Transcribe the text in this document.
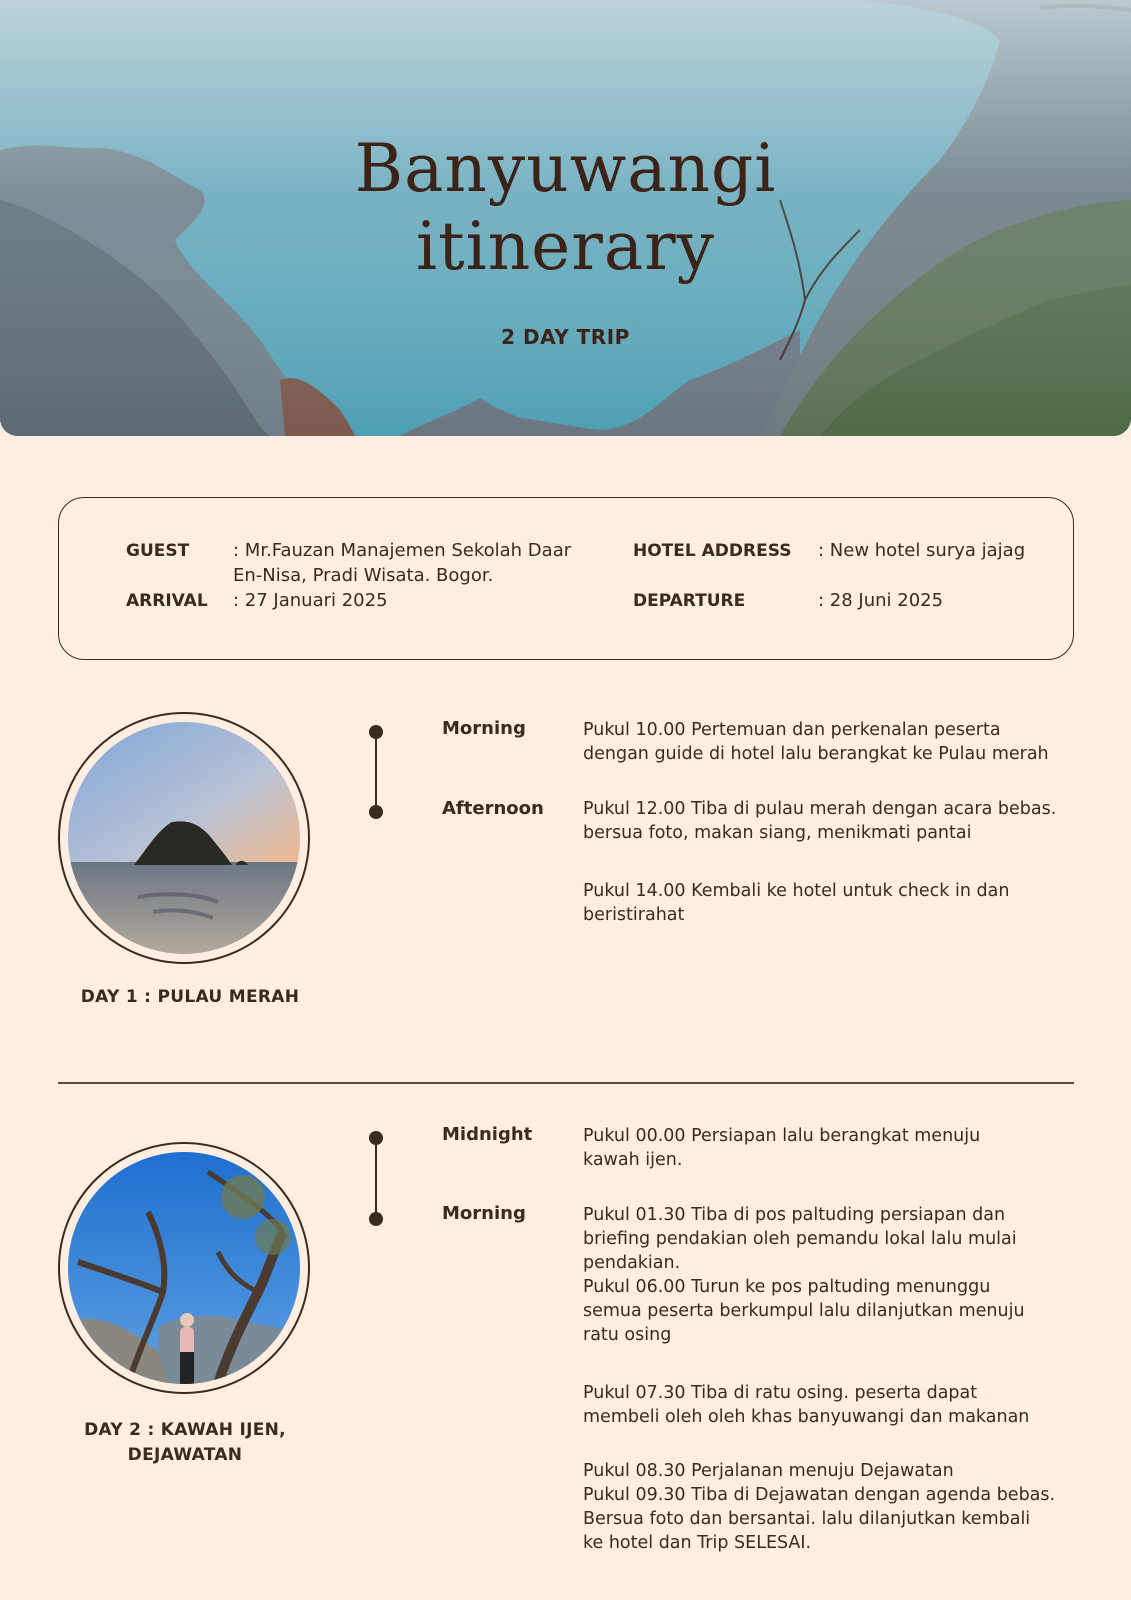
Banyuwangi
itinerary
2 DAY TRIP
GUEST : Mr.Fauzan Manajemen Sekolah Daar
En-Nisa, Pradi Wisata. Bogor.
ARRIVAL : 27 Januari 2025
HOTEL ADDRESS : New hotel surya jajag
DEPARTURE	: 28 Juni 2025
DAY 1 : PULAU MERAH
Morning	Pukul 10.00 Pertemuan dan perkenalan peserta
dengan guide di hotel lalu berangkat ke Pulau merah
Afternoon Pukul 12.00 Tiba di pulau merah dengan acara bebas.
bersua foto, makan siang, menikmati pantai
Pukul 14.00 Kembali ke hotel untuk check in dan
beristirahat
DAY 2 : KAWAH IJEN,
DEJAWATAN
Midnight	Pukul 00.00 Persiapan lalu berangkat menuju
kawah ijen.
Morning	Pukul 01.30 Tiba di pos paltuding persiapan dan
briefing pendakian oleh pemandu lokal lalu mulai
pendakian.
Pukul 06.00 Turun ke pos paltuding menunggu
semua peserta berkumpul lalu dilanjutkan menuju
ratu osing
Pukul 07.30 Tiba di ratu osing. peserta dapat
membeli oleh oleh khas banyuwangi dan makanan
Pukul 08.30 Perjalanan menuju Dejawatan
Pukul 09.30 Tiba di Dejawatan dengan agenda bebas.
Bersua foto dan bersantai. lalu dilanjutkan kembali
ke hotel dan Trip SELESAI.
